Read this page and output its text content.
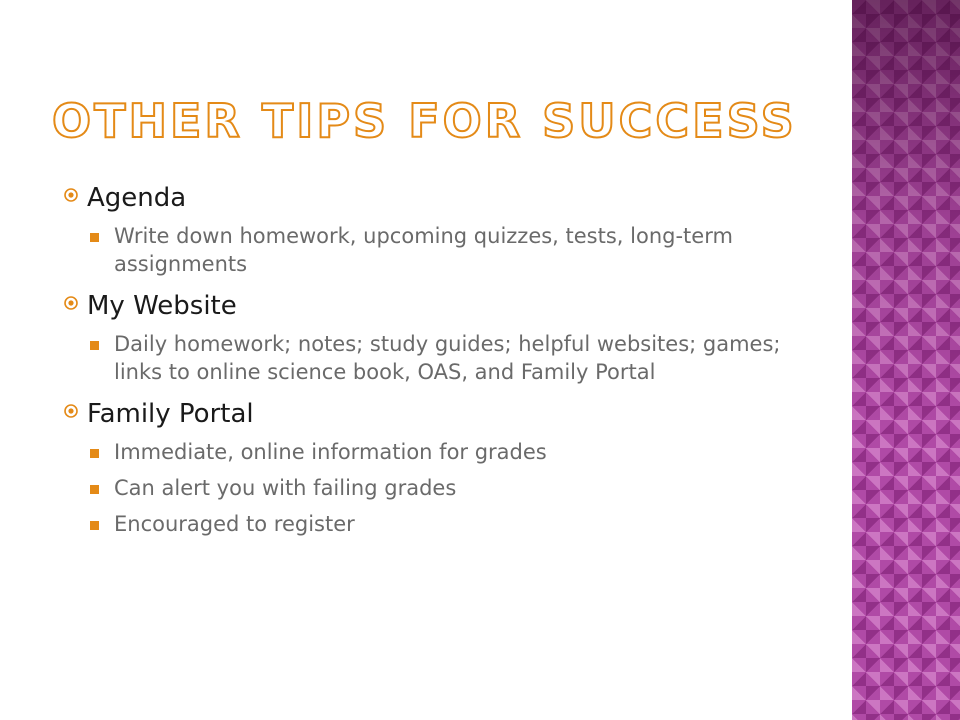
OTHER TIPS FOR SUCCESS
Agenda
Write down homework, upcoming quizzes, tests, long-term assignments
My Website
Daily homework; notes; study guides; helpful websites; games; links to online science book, OAS, and Family Portal
Family Portal
Immediate, online information for grades
Can alert you with failing grades
Encouraged to register
